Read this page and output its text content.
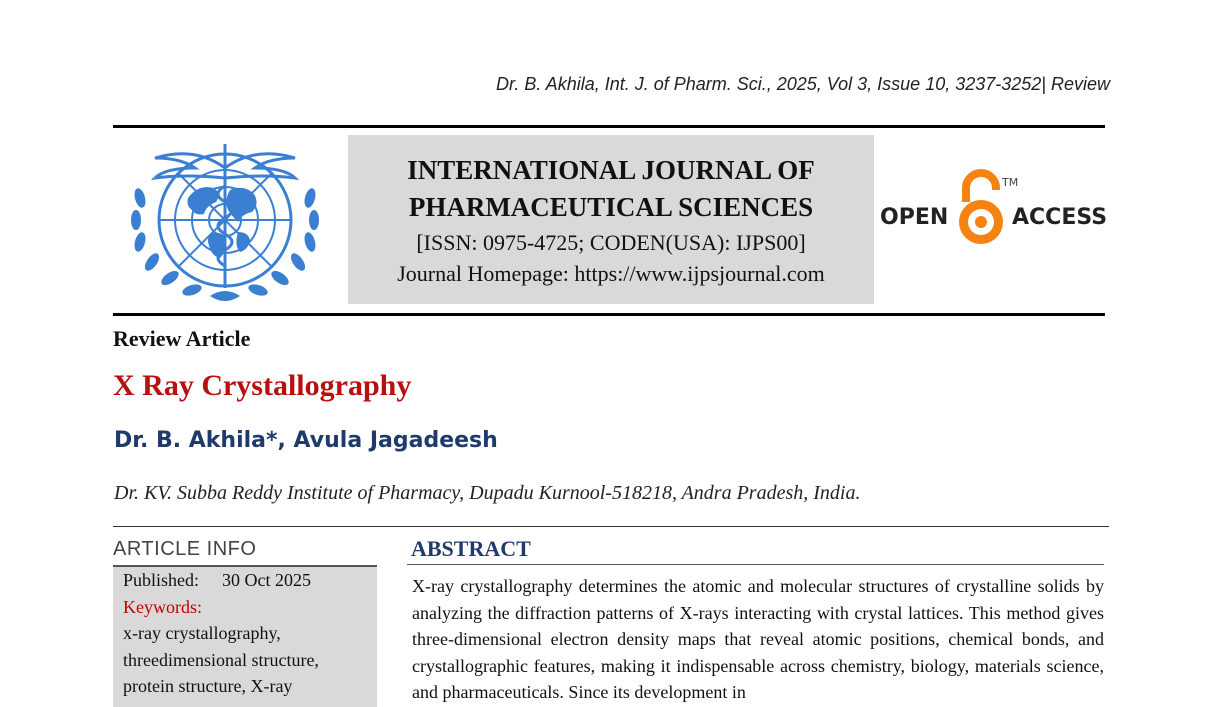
Dr. B. Akhila, Int. J. of Pharm. Sci., 2025, Vol 3, Issue 10, 3237-3252| Review
INTERNATIONAL JOURNAL OF
PHARMACEUTICAL SCIENCES
[ISSN: 0975-4725; CODEN(USA): IJPS00]
Journal Homepage: https://www.ijpsjournal.com
OPEN
TM
ACCESS
Review Article
X Ray Crystallography
Dr. B. Akhila*, Avula Jagadeesh
Dr. KV. Subba Reddy Institute of Pharmacy, Dupadu Kurnool-518218, Andra Pradesh, India.
ARTICLE INFO
Published: 30 Oct 2025
Keywords:
x-ray crystallography,
threedimensional structure,
protein structure, X-ray
ABSTRACT
X-ray crystallography determines the atomic and molecular structures of crystalline solids by analyzing the diffraction patterns of X-rays interacting with crystal lattices. This method gives three-dimensional electron density maps that reveal atomic positions, chemical bonds, and crystallographic features, making it indispensable across chemistry, biology, materials science, and pharmaceuticals. Since its development in
